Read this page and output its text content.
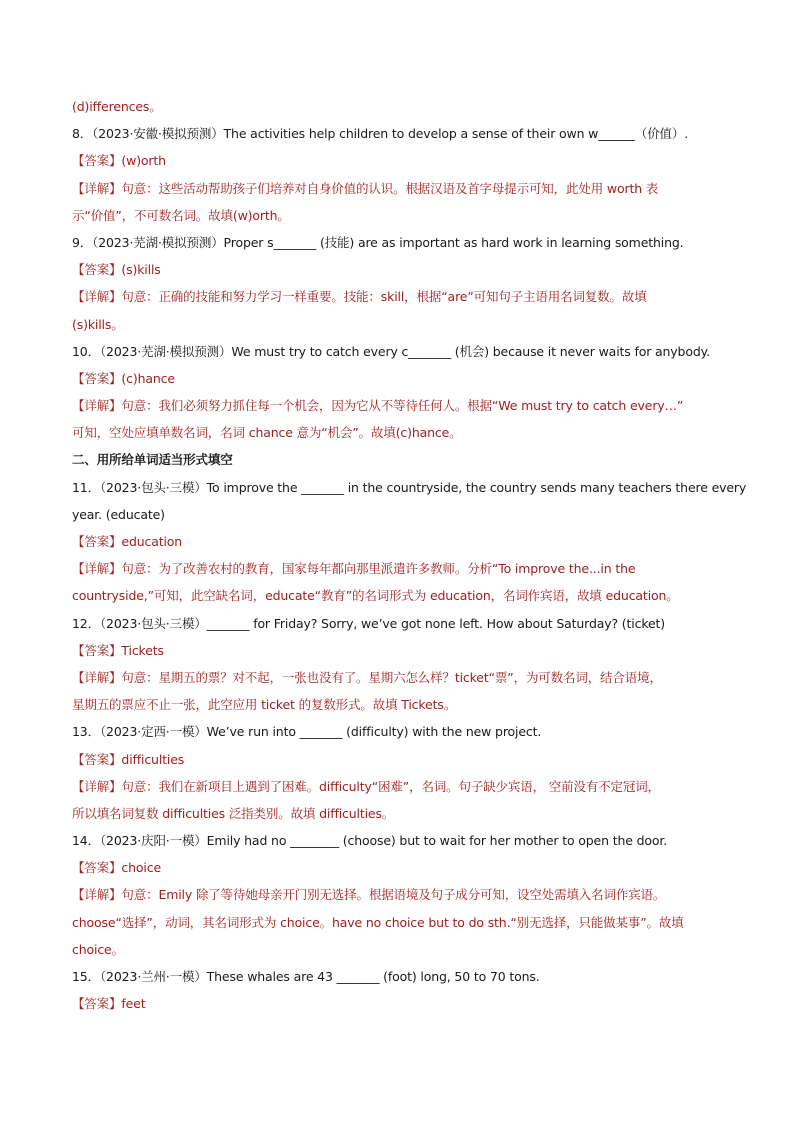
(d)ifferences。
8．（2023·安徽·模拟预测）The activities help children to develop a sense of their own w______（价值）.
【答案】(w)orth
【详解】句意：这些活动帮助孩子们培养对自身价值的认识。根据汉语及首字母提示可知，此处用 worth 表
示“价值”，不可数名词。故填(w)orth。
9．（2023·芜湖·模拟预测）Proper s_______ (技能) are as important as hard work in learning something.
【答案】(s)kills
【详解】句意：正确的技能和努力学习一样重要。技能：skill，根据“are”可知句子主语用名词复数。故填
(s)kills。
10．（2023·芜湖·模拟预测）We must try to catch every c_______ (机会) because it never waits for anybody.
【答案】(c)hance
【详解】句意：我们必须努力抓住每一个机会，因为它从不等待任何人。根据“We must try to catch every…”
可知，空处应填单数名词，名词 chance 意为“机会”。故填(c)hance。
二、用所给单词适当形式填空
11．（2023·包头·三模）To improve the _______ in the countryside, the country sends many teachers there every
year. (educate)
【答案】education
【详解】句意：为了改善农村的教育，国家每年都向那里派遣许多教师。分析“To improve the...in the
countryside,”可知，此空缺名词，educate“教育”的名词形式为 education，名词作宾语，故填 education。
12．（2023·包头·三模）_______ for Friday? Sorry, we’ve got none left. How about Saturday? (ticket)
【答案】Tickets
【详解】句意：星期五的票？对不起，一张也没有了。星期六怎么样？ticket“票”，为可数名词，结合语境，
星期五的票应不止一张，此空应用 ticket 的复数形式。故填 Tickets。
13．（2023·定西·一模）We’ve run into _______ (difficulty) with the new project.
【答案】difficulties
【详解】句意：我们在新项目上遇到了困难。difficulty“困难”，名词。句子缺少宾语， 空前没有不定冠词，
所以填名词复数 difficulties 泛指类别。故填 difficulties。
14．（2023·庆阳·一模）Emily had no ________ (choose) but to wait for her mother to open the door.
【答案】choice
【详解】句意：Emily 除了等待她母亲开门别无选择。根据语境及句子成分可知，设空处需填入名词作宾语。
choose“选择”，动词，其名词形式为 choice。have no choice but to do sth.“别无选择，只能做某事”。故填
choice。
15．（2023·兰州·一模）These whales are 43 _______ (foot) long, 50 to 70 tons.
【答案】feet
